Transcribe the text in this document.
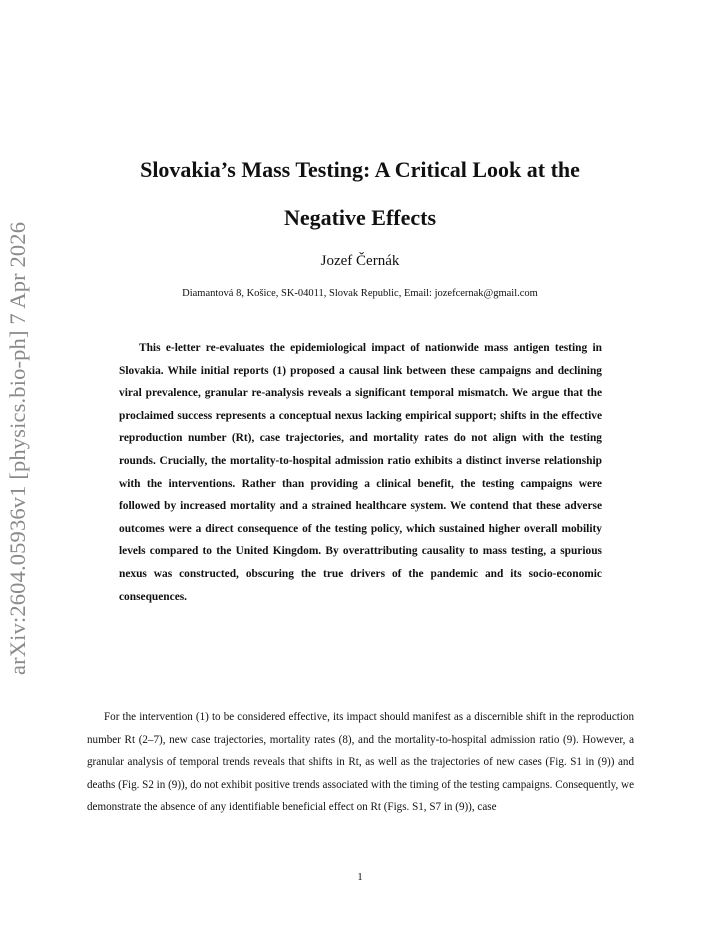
arXiv:2604.05936v1 [physics.bio-ph] 7 Apr 2026
Slovakia’s Mass Testing: A Critical Look at the Negative Effects

Jozef Černák

Diamantová 8, Košice, SK-04011, Slovak Republic, Email: jozefcernak@gmail.com

This e-letter re-evaluates the epidemiological impact of nationwide mass antigen testing in Slovakia. While initial reports (1) proposed a causal link between these campaigns and declining viral prevalence, granular re-analysis reveals a significant temporal mismatch. We argue that the proclaimed success represents a conceptual nexus lacking empirical support; shifts in the effective reproduction number (Rt), case trajectories, and mortality rates do not align with the testing rounds. Crucially, the mortality-to-hospital admission ratio exhibits a distinct inverse relationship with the interventions. Rather than providing a clinical benefit, the testing campaigns were followed by increased mortality and a strained healthcare system. We contend that these adverse outcomes were a direct consequence of the testing policy, which sustained higher overall mobility levels compared to the United Kingdom. By overattributing causality to mass testing, a spurious nexus was constructed, obscuring the true drivers of the pandemic and its socio-economic consequences.

For the intervention (1) to be considered effective, its impact should manifest as a discernible shift in the reproduction number Rt (2–7), new case trajectories, mortality rates (8), and the mortality-to-hospital admission ratio (9). However, a granular analysis of temporal trends reveals that shifts in Rt, as well as the trajectories of new cases (Fig. S1 in (9)) and deaths (Fig. S2 in (9)), do not exhibit positive trends associated with the timing of the testing campaigns. Consequently, we demonstrate the absence of any identifiable beneficial effect on Rt (Figs. S1, S7 in (9)), case

1
